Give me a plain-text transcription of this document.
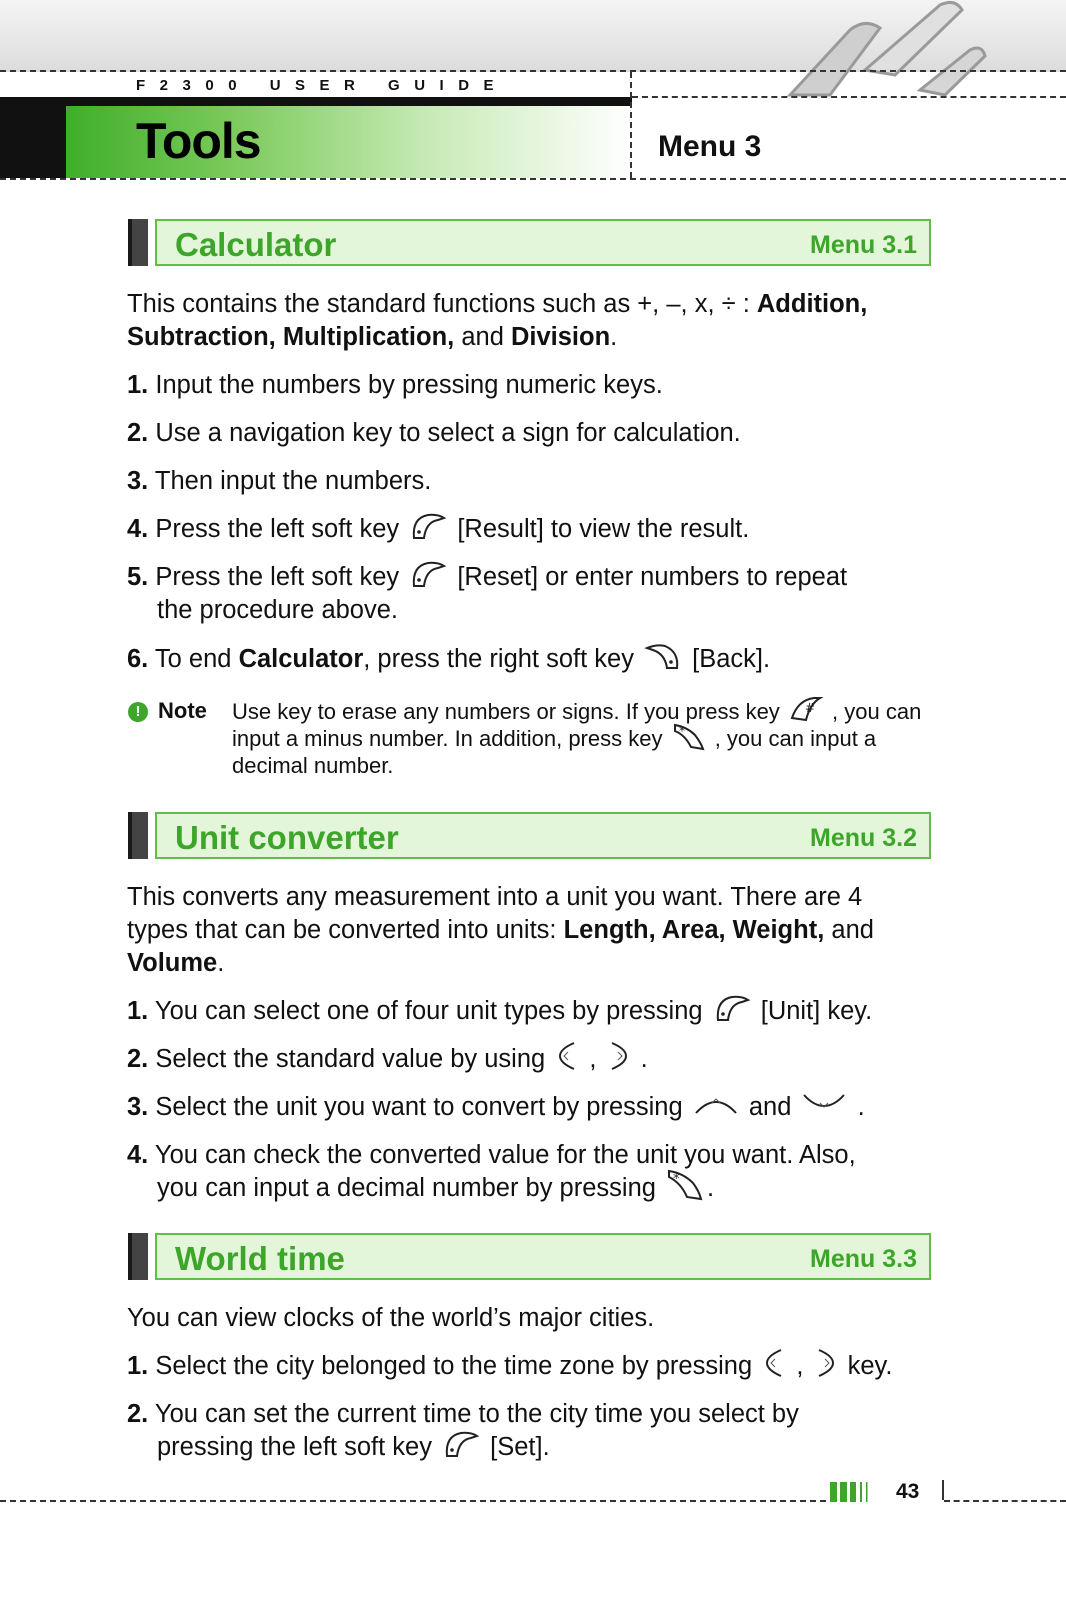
F2300 USER GUIDE
Tools	Menu 3
Calculator	Menu 3.1
This contains the standard functions such as +, –, x, ÷ : Addition, Subtraction, Multiplication, and Division.
1. Input the numbers by pressing numeric keys.
2. Use a navigation key to select a sign for calculation.
3. Then input the numbers.
4. Press the left soft key  [Result] to view the result.
5. Press the left soft key  [Reset] or enter numbers to repeat
the procedure above.
6. To end Calculator, press the right soft key  [Back].
! Note Use key to erase any numbers or signs. If you press key # , you can input a minus number. In addition, press key * , you can input a decimal number.
Unit converter	Menu 3.2
This converts any measurement into a unit you want. There are 4 types that can be converted into units: Length, Area, Weight, and Volume.
1. You can select one of four unit types by pressing  [Unit] key.
2. Select the standard value by using  ,  .
3. Select the unit you want to convert by pressing  and  .
4. You can check the converted value for the unit you want. Also,
you can input a decimal number by pressing * .
World time	Menu 3.3
You can view clocks of the world’s major cities.
1. Select the city belonged to the time zone by pressing  ,  key.
2. You can set the current time to the city time you select by
pressing the left soft key  [Set].
43
